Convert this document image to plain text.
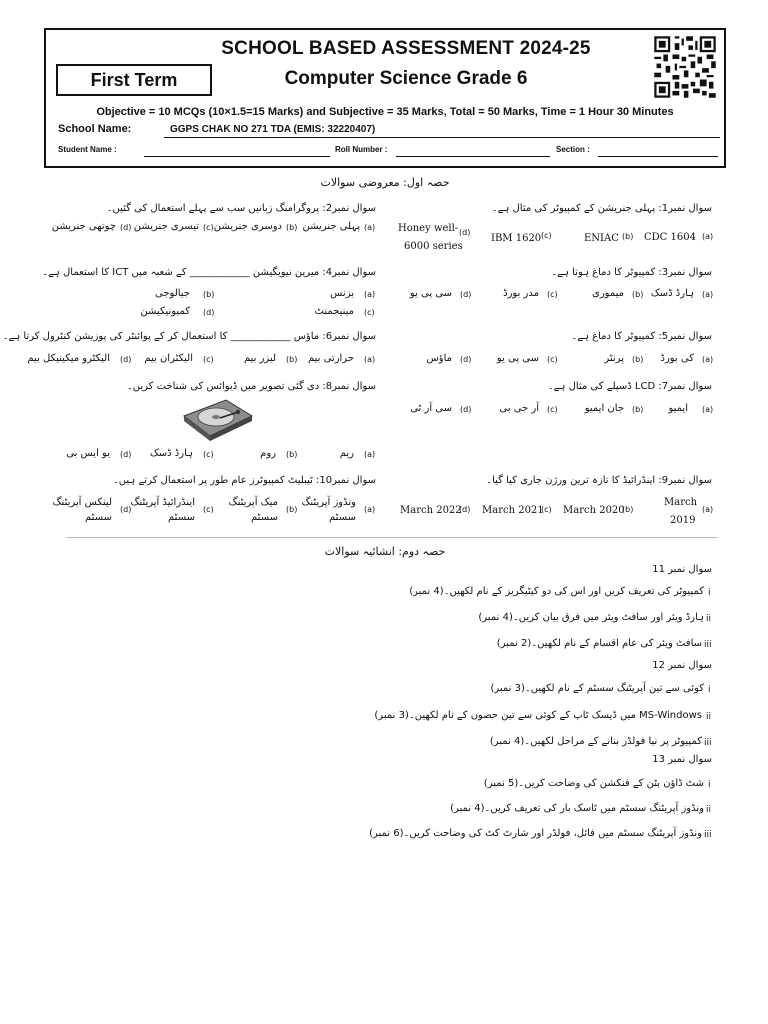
SCHOOL BASED ASSESSMENT 2024-25
Computer Science Grade 6
First Term
Objective = 10 MCQs (10×1.5=15 Marks) and Subjective = 35 Marks, Total = 50 Marks, Time = 1 Hour 30 Minutes
School Name:	GGPS CHAK NO 271 TDA (EMIS: 32220407)
Student Name :	Roll Number :	Section :
حصہ اول: معروضی سوالات
سوال نمبر1: پہلی جنریشن کے کمپیوٹر کی مثال ہے۔
(a)
CDC 1604
(b)
ENIAC
(c)
IBM 1620
(d)
Honey well-
6000 series
سوال نمبر2: پروگرامنگ زبانیں سب سے پہلے استعمال کی گئیں۔
(a)
پہلی جنریشن
(b)
دوسری جنریشن
(c)
تیسری جنریشن
(d)
چوتھی جنریشن
سوال نمبر3: کمپیوٹر کا دماغ ہوتا ہے۔
(a)
ہارڈ ڈسک
(b)
میموری
(c)
مدر بورڈ
(d)
سی پی یو
سوال نمبر4: میرین نیویگیشن ____________ کے شعبہ میں ICT کا استعمال ہے۔
(a)
بزنس
(b)
جیالوجی
(c)
مینیجمنٹ
(d)
کمیونیکیشن
سوال نمبر5: کمپیوٹر کا دماغ ہے۔
(a)
کی بورڈ
(b)
پرنٹر
(c)
سی پی یو
(d)
ماؤس
سوال نمبر6: ماؤس ____________ کا استعمال کر کے پوائنٹر کی پوزیشن کنٹرول کرتا ہے۔
(a)
حرارتی بیم
(b)
لیزر بیم
(c)
الیکٹران بیم
(d)
الیکٹرو میکینیکل بیم
سوال نمبر7: LCD ڈسپلے کی مثال ہے۔
(a)
ایمیو
(b)
جان ایمیو
(c)
آر جی بی
(d)
سی آر ٹی
سوال نمبر8: دی گئی تصویر میں ڈیوائس کی شناخت کریں۔
(a)
ریم
(b)
روم
(c)
ہارڈ ڈسک
(d)
یو ایس بی
سوال نمبر9: اینڈرائیڈ کا تازہ ترین ورژن جاری کیا گیا۔
(a)
March
2019
(b)
March 2020
(c)
March 2021
(d)
March 2022
سوال نمبر10: ٹیبلیٹ کمپیوٹرز عام طور پر استعمال کرتے ہیں۔
(a)
ونڈوز آپریٹنگ
سسٹم
(b)
میک آپریٹنگ
سسٹم
(c)
اینڈرائیڈ آپریٹنگ
سسٹم
(d)
لینکس آپریٹنگ
سسٹم
حصہ دوم: انشائیہ سوالات
سوال نمبر 11
i
کمپیوٹر کی تعریف کریں اور اس کی دو کیٹیگریز کے نام لکھیں۔(4 نمبر)
ii
ہارڈ ویئر اور سافٹ ویئر میں فرق بیان کریں۔(4 نمبر)
iii
سافٹ ویئر کی عام اقسام کے نام لکھیں۔(2 نمبر)
سوال نمبر 12
i
کوئی سے تین آپریٹنگ سسٹم کے نام لکھیں۔(3 نمبر)
ii
MS-Windows میں ڈیسک ٹاپ کے کوئی سے تین حصوں کے نام لکھیں۔(3 نمبر)
iii
کمپیوٹر پر نیا فولڈر بنانے کے مراحل لکھیں۔(4 نمبر)
سوال نمبر 13
i
شٹ ڈاؤن بٹن کے فنکشن کی وضاحت کریں۔(5 نمبر)
ii
ونڈوز آپریٹنگ سسٹم میں ٹاسک بار کی تعریف کریں۔(4 نمبر)
iii
ونڈوز آپریٹنگ سسٹم میں فائل، فولڈر اور شارٹ کٹ کی وضاحت کریں۔(6 نمبر)
